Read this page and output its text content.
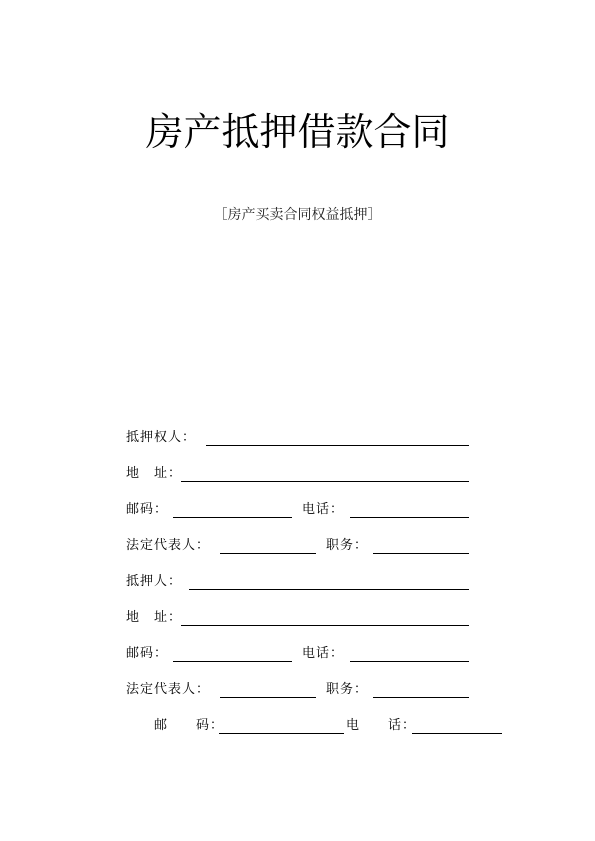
房产抵押借款合同
［房产买卖合同权益抵押］
抵押权人：
地　址：
邮码：	电话：
法定代表人：	职务：
抵押人：
地　址：
邮码：	电话：
法定代表人：	职务：
邮　　码：	电　　话：
